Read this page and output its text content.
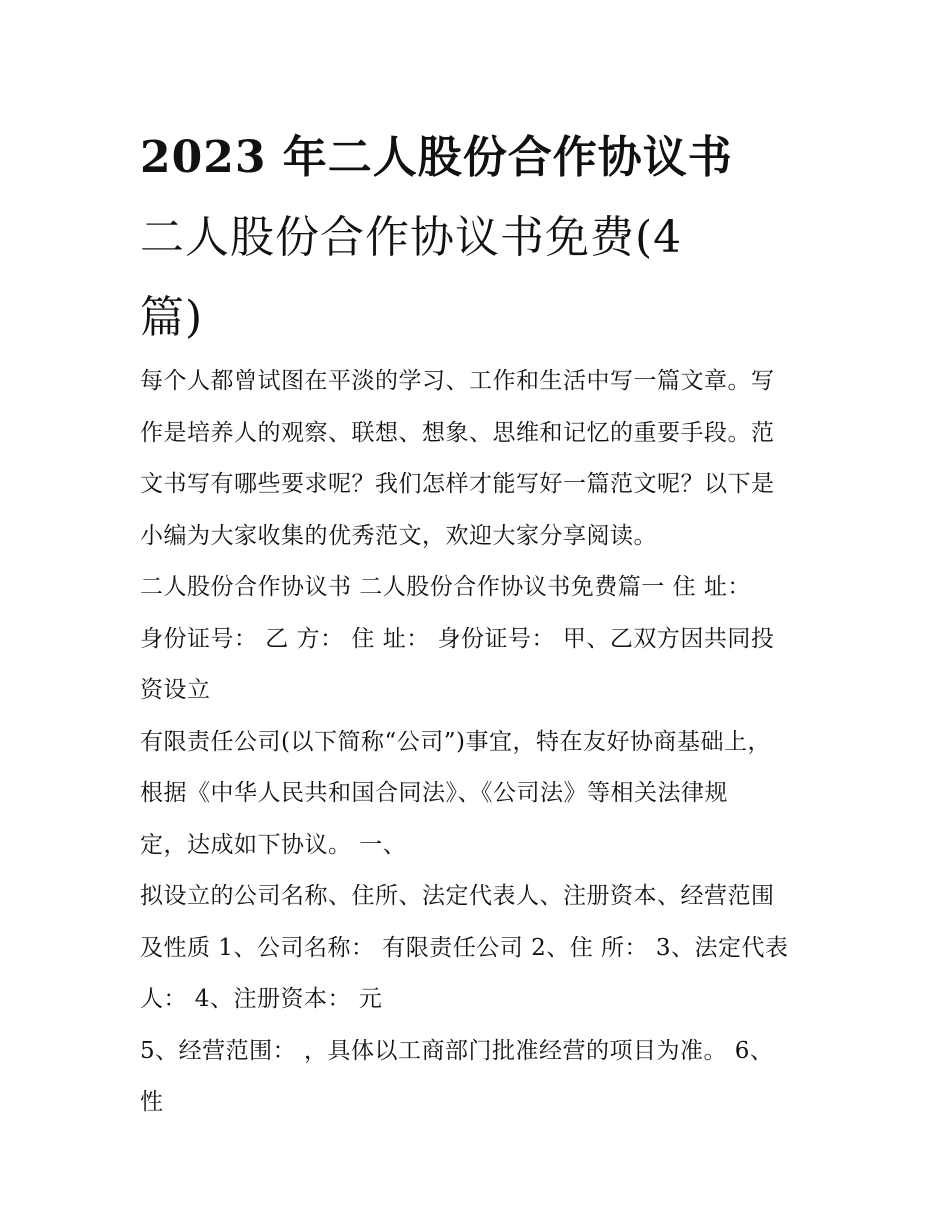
2023 年二人股份合作协议书
二人股份合作协议书免费(4
篇)
每个人都曾试图在平淡的学习、工作和生活中写一篇文章。写
作是培养人的观察、联想、想象、思维和记忆的重要手段。范
文书写有哪些要求呢？我们怎样才能写好一篇范文呢？以下是
小编为大家收集的优秀范文，欢迎大家分享阅读。
二人股份合作协议书 二人股份合作协议书免费篇一 住 址：
身份证号： 乙 方： 住 址： 身份证号： 甲、乙双方因共同投
资设立
有限责任公司(以下简称“公司”)事宜，特在友好协商基础上，
根据《中华人民共和国合同法》、《公司法》等相关法律规
定，达成如下协议。 一、
拟设立的公司名称、住所、法定代表人、注册资本、经营范围
及性质 1、公司名称： 有限责任公司 2、住 所： 3、法定代表
人： 4、注册资本： 元
5、经营范围： ，具体以工商部门批准经营的项目为准。 6、
性
